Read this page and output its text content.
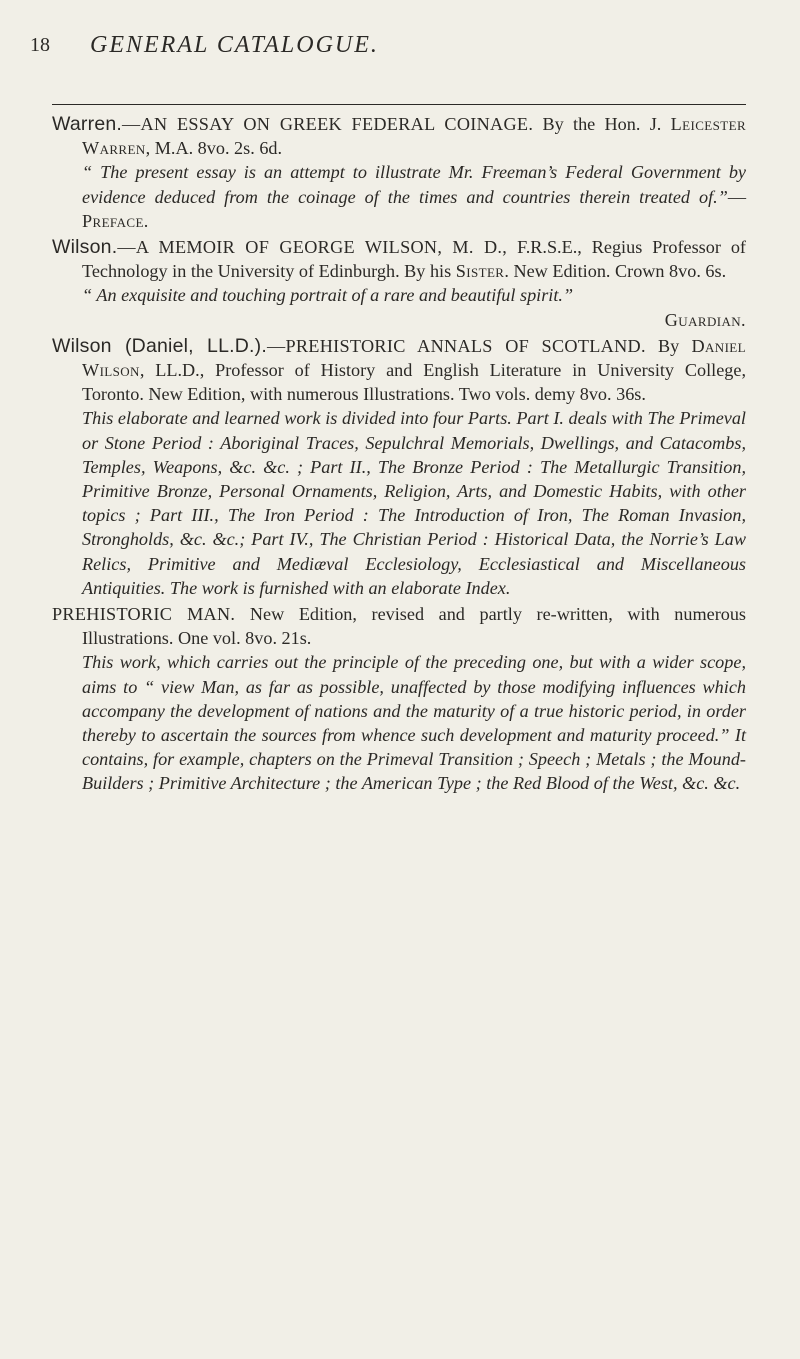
18 GENERAL CATALOGUE.

Warren.—AN ESSAY ON GREEK FEDERAL COINAGE. By the Hon. J. Leicester Warren, M.A. 8vo. 2s. 6d.

“ The present essay is an attempt to illustrate Mr. Freeman’s Federal Government by evidence deduced from the coinage of the times and countries therein treated of.”—Preface.

Wilson.—A MEMOIR OF GEORGE WILSON, M. D., F.R.S.E., Regius Professor of Technology in the University of Edinburgh. By his Sister. New Edition. Crown 8vo. 6s.

“ An exquisite and touching portrait of a rare and beautiful spirit.”

Guardian.

Wilson (Daniel, LL.D.).—PREHISTORIC ANNALS OF SCOTLAND. By Daniel Wilson, LL.D., Professor of History and English Literature in University College, Toronto. New Edition, with numerous Illustrations. Two vols. demy 8vo. 36s.

This elaborate and learned work is divided into four Parts. Part I. deals with The Primeval or Stone Period : Aboriginal Traces, Sepulchral Memorials, Dwellings, and Catacombs, Temples, Weapons, &c. &c. ; Part II., The Bronze Period : The Metallurgic Transition, Primitive Bronze, Personal Ornaments, Religion, Arts, and Domestic Habits, with other topics ; Part III., The Iron Period : The Introduction of Iron, The Roman Invasion, Strongholds, &c. &c.; Part IV., The Christian Period : Historical Data, the Norrie’s Law Relics, Primitive and Mediæval Ecclesiology, Ecclesiastical and Miscellaneous Antiquities. The work is furnished with an elaborate Index.

PREHISTORIC MAN. New Edition, revised and partly re-written, with numerous Illustrations. One vol. 8vo. 21s.

This work, which carries out the principle of the preceding one, but with a wider scope, aims to “ view Man, as far as possible, unaffected by those modifying influences which accompany the development of nations and the maturity of a true historic period, in order thereby to ascertain the sources from whence such development and maturity proceed.” It contains, for example, chapters on the Primeval Transition ; Speech ; Metals ; the Mound-Builders ; Primitive Architecture ; the American Type ; the Red Blood of the West, &c. &c.
